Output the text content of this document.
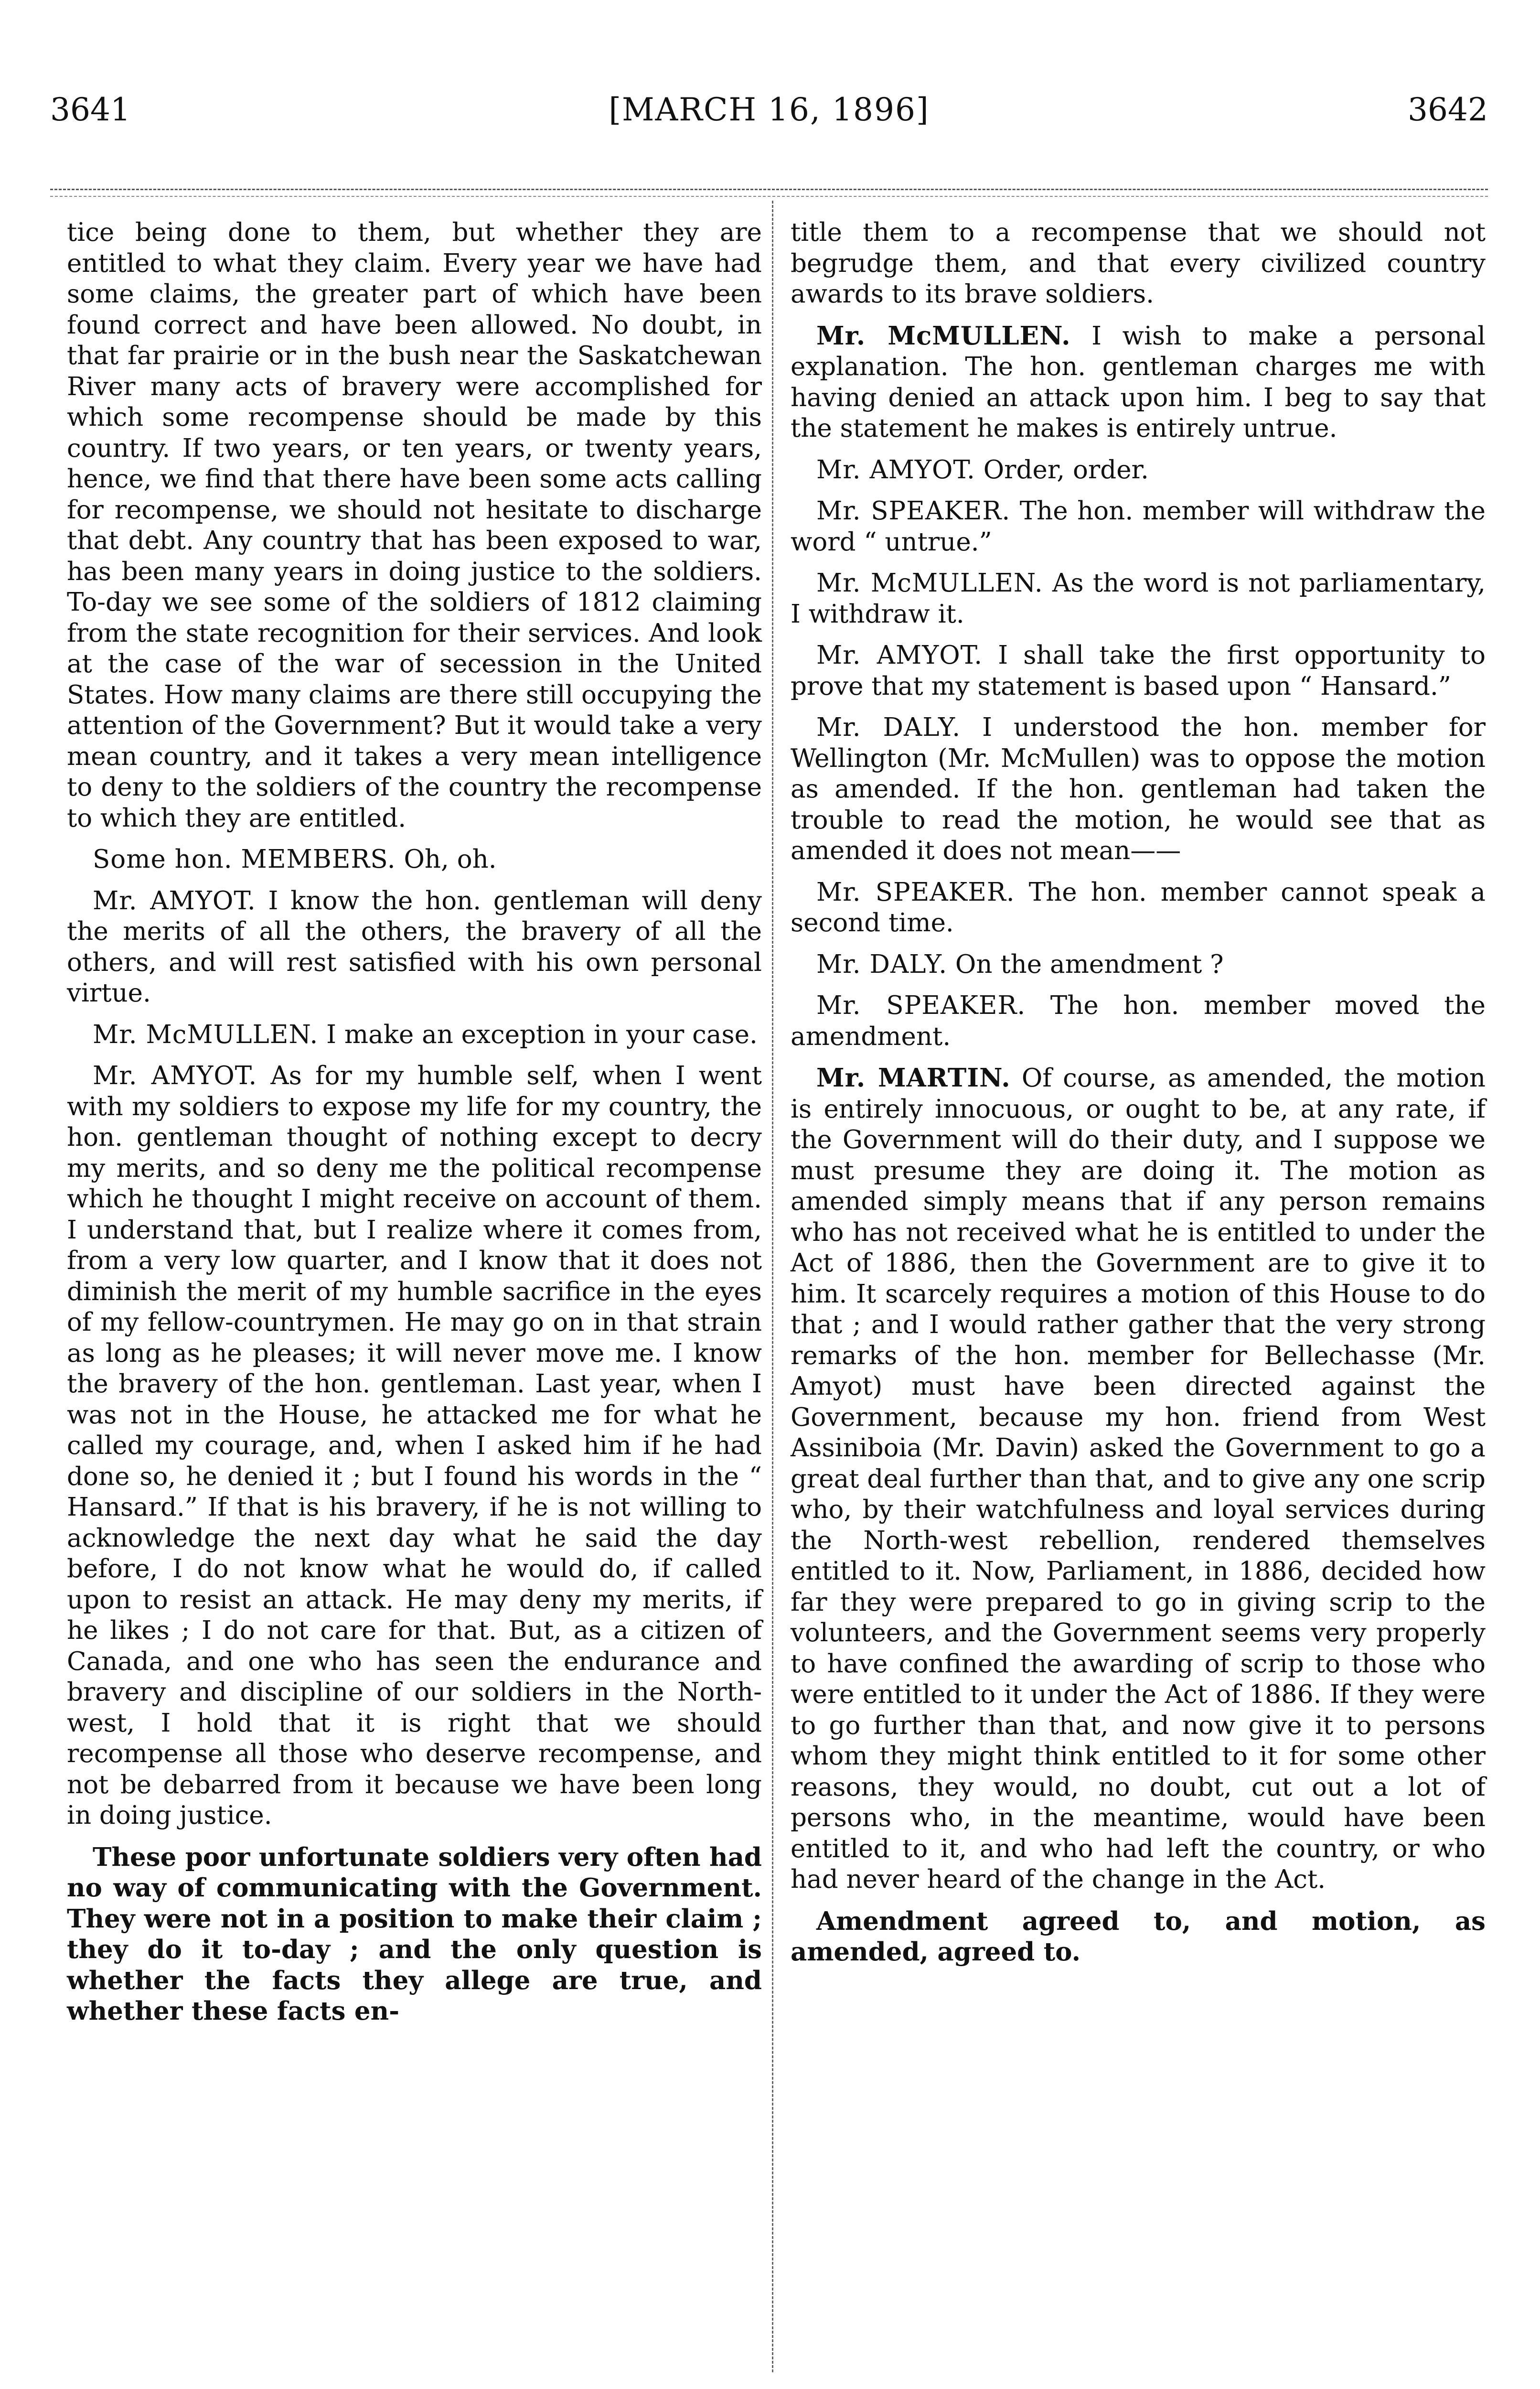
3641	[MARCH 16, 1896]	3642

tice being done to them, but whether they are entitled to what they claim. Every year we have had some claims, the greater part of which have been found correct and have been allowed. No doubt, in that far prairie or in the bush near the Saskatchewan River many acts of bravery were accomplished for which some recompense should be made by this country. If two years, or ten years, or twenty years, hence, we find that there have been some acts calling for recompense, we should not hesitate to discharge that debt. Any country that has been exposed to war, has been many years in doing justice to the soldiers. To-day we see some of the soldiers of 1812 claiming from the state recognition for their services. And look at the case of the war of secession in the United States. How many claims are there still occupying the attention of the Government? But it would take a very mean country, and it takes a very mean intelligence to deny to the soldiers of the country the recompense to which they are entitled.

Some hon. MEMBERS. Oh, oh.

Mr. AMYOT. I know the hon. gentleman will deny the merits of all the others, the bravery of all the others, and will rest satisfied with his own personal virtue.

Mr. McMULLEN. I make an exception in your case.

Mr. AMYOT. As for my humble self, when I went with my soldiers to expose my life for my country, the hon. gentleman thought of nothing except to decry my merits, and so deny me the political recompense which he thought I might receive on account of them. I understand that, but I realize where it comes from, from a very low quarter, and I know that it does not diminish the merit of my humble sacrifice in the eyes of my fellow-countrymen. He may go on in that strain as long as he pleases; it will never move me. I know the bravery of the hon. gentleman. Last year, when I was not in the House, he attacked me for what he called my courage, and, when I asked him if he had done so, he denied it ; but I found his words in the “ Hansard.” If that is his bravery, if he is not willing to acknowledge the next day what he said the day before, I do not know what he would do, if called upon to resist an attack. He may deny my merits, if he likes ; I do not care for that. But, as a citizen of Canada, and one who has seen the endurance and bravery and discipline of our soldiers in the North-west, I hold that it is right that we should recompense all those who deserve recompense, and not be debarred from it because we have been long in doing justice.

These poor unfortunate soldiers very often had no way of communicating with the Government. They were not in a position to make their claim ; they do it to-day ; and the only question is whether the facts they allege are true, and whether these facts en-

title them to a recompense that we should not begrudge them, and that every civilized country awards to its brave soldiers.

Mr. McMULLEN. I wish to make a personal explanation. The hon. gentleman charges me with having denied an attack upon him. I beg to say that the statement he makes is entirely untrue.

Mr. AMYOT. Order, order.

Mr. SPEAKER. The hon. member will withdraw the word “ untrue.”

Mr. McMULLEN. As the word is not parliamentary, I withdraw it.

Mr. AMYOT. I shall take the first opportunity to prove that my statement is based upon “ Hansard.”

Mr. DALY. I understood the hon. member for Wellington (Mr. McMullen) was to oppose the motion as amended. If the hon. gentleman had taken the trouble to read the motion, he would see that as amended it does not mean——

Mr. SPEAKER. The hon. member cannot speak a second time.

Mr. DALY. On the amendment ?

Mr. SPEAKER. The hon. member moved the amendment.

Mr. MARTIN. Of course, as amended, the motion is entirely innocuous, or ought to be, at any rate, if the Government will do their duty, and I suppose we must presume they are doing it. The motion as amended simply means that if any person remains who has not received what he is entitled to under the Act of 1886, then the Government are to give it to him. It scarcely requires a motion of this House to do that ; and I would rather gather that the very strong remarks of the hon. member for Bellechasse (Mr. Amyot) must have been directed against the Government, because my hon. friend from West Assiniboia (Mr. Davin) asked the Government to go a great deal further than that, and to give any one scrip who, by their watchfulness and loyal services during the North-west rebellion, rendered themselves entitled to it. Now, Parliament, in 1886, decided how far they were prepared to go in giving scrip to the volunteers, and the Government seems very properly to have confined the awarding of scrip to those who were entitled to it under the Act of 1886. If they were to go further than that, and now give it to persons whom they might think entitled to it for some other reasons, they would, no doubt, cut out a lot of persons who, in the meantime, would have been entitled to it, and who had left the country, or who had never heard of the change in the Act.

Amendment agreed to, and motion, as amended, agreed to.
